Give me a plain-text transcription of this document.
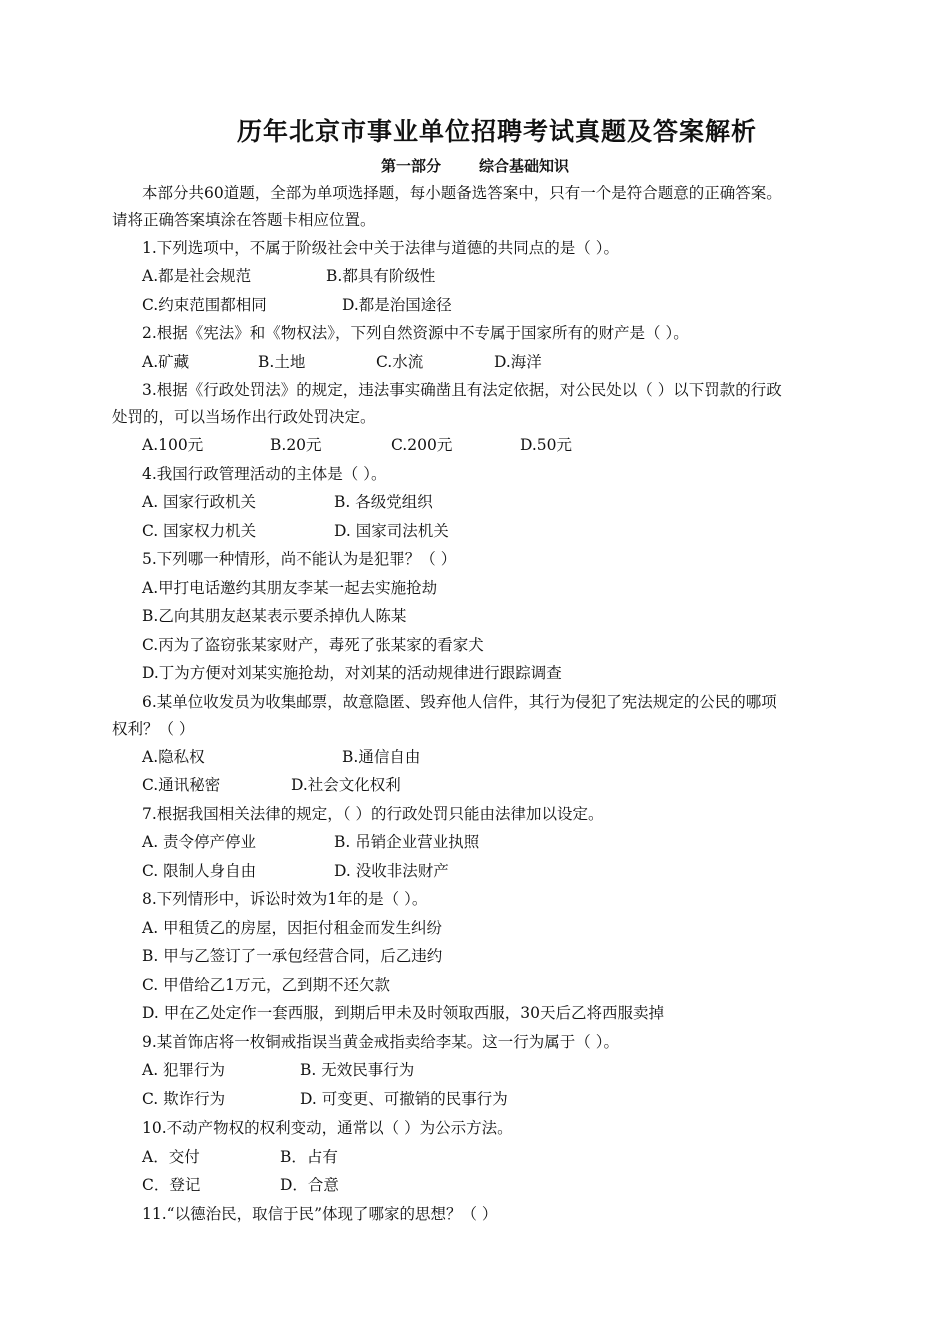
历年北京市事业单位招聘考试真题及答案解析
第一部分	综合基础知识
本部分共60道题，全部为单项选择题，每小题备选答案中，只有一个是符合题意的正确答案。
请将正确答案填涂在答题卡相应位置。
1.下列选项中，不属于阶级社会中关于法律与道德的共同点的是（ ）。
A.都是社会规范	B.都具有阶级性
C.约束范围都相同	D.都是治国途径
2.根据《宪法》和《物权法》，下列自然资源中不专属于国家所有的财产是（ ）。
A.矿藏	B.土地	C.水流	D.海洋
3.根据《行政处罚法》的规定，违法事实确凿且有法定依据，对公民处以（ ）以下罚款的行政
处罚的，可以当场作出行政处罚决定。
A.100元	B.20元	C.200元	D.50元
4.我国行政管理活动的主体是（ ）。
A. 国家行政机关	B. 各级党组织
C. 国家权力机关	D. 国家司法机关
5.下列哪一种情形，尚不能认为是犯罪？（ ）
A.甲打电话邀约其朋友李某一起去实施抢劫
B.乙向其朋友赵某表示要杀掉仇人陈某
C.丙为了盗窃张某家财产，毒死了张某家的看家犬
D.丁为方便对刘某实施抢劫，对刘某的活动规律进行跟踪调查
6.某单位收发员为收集邮票，故意隐匿、毁弃他人信件，其行为侵犯了宪法规定的公民的哪项
权利？（ ）
A.隐私权	B.通信自由
C.通讯秘密	D.社会文化权利
7.根据我国相关法律的规定，（ ）的行政处罚只能由法律加以设定。
A. 责令停产停业	B. 吊销企业营业执照
C. 限制人身自由	D. 没收非法财产
8.下列情形中，诉讼时效为1年的是（ ）。
A. 甲租赁乙的房屋，因拒付租金而发生纠纷
B. 甲与乙签订了一承包经营合同，后乙违约
C. 甲借给乙1万元，乙到期不还欠款
D. 甲在乙处定作一套西服，到期后甲未及时领取西服，30天后乙将西服卖掉
9.某首饰店将一枚铜戒指误当黄金戒指卖给李某。这一行为属于（ ）。
A. 犯罪行为	B. 无效民事行为
C. 欺诈行为	D. 可变更、可撤销的民事行为
10.不动产物权的权利变动，通常以（ ）为公示方法。
A．交付	B．占有
C．登记	D．合意
11.“以德治民，取信于民”体现了哪家的思想？（ ）
